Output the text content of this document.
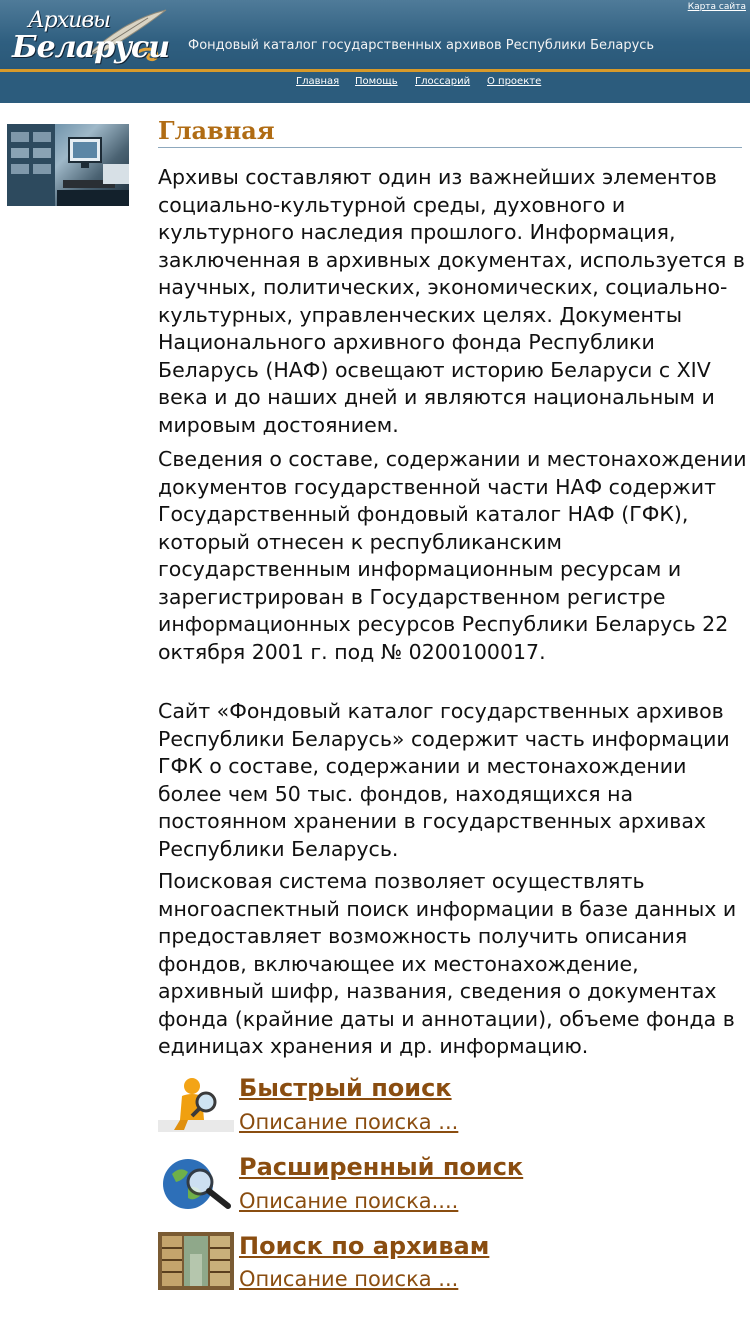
Архивы
Беларуси Фондовый каталог государственных архивов Республики Беларусь
Карта сайта
Главная Помощь Глоссарий О проекте
Главная

Архивы составляют один из важнейших элементов социально-культурной среды, духовного и культурного наследия прошлого. Информация, заключенная в архивных документах, используется в научных, политических, экономических, социально-культурных, управленческих целях. Документы Национального архивного фонда Республики Беларусь (НАФ) освещают историю Беларуси с XIV века и до наших дней и являются национальным и мировым достоянием.

Сведения о составе, содержании и местонахождении документов государственной части НАФ содержит Государственный фондовый каталог НАФ (ГФК), который отнесен к республиканским государственным информационным ресурсам и зарегистрирован в Государственном регистре информационных ресурсов Республики Беларусь 22 октября 2001 г. под № 0200100017.

Сайт «Фондовый каталог государственных архивов Республики Беларусь» содержит часть информации ГФК о составе, содержании и местонахождении более чем 50 тыс. фондов, находящихся на постоянном хранении в государственных архивах Республики Беларусь.

Поисковая система позволяет осуществлять многоаспектный поиск информации в базе данных и предоставляет возможность получить описания фондов, включающее их местонахождение, архивный шифр, названия, сведения о документах фонда (крайние даты и аннотации), объеме фонда в единицах хранения и др. информацию.

Быстрый поиск
Описание поиска ...
Расширенный поиск
Описание поиска....
Поиск по архивам
Описание поиска ...
